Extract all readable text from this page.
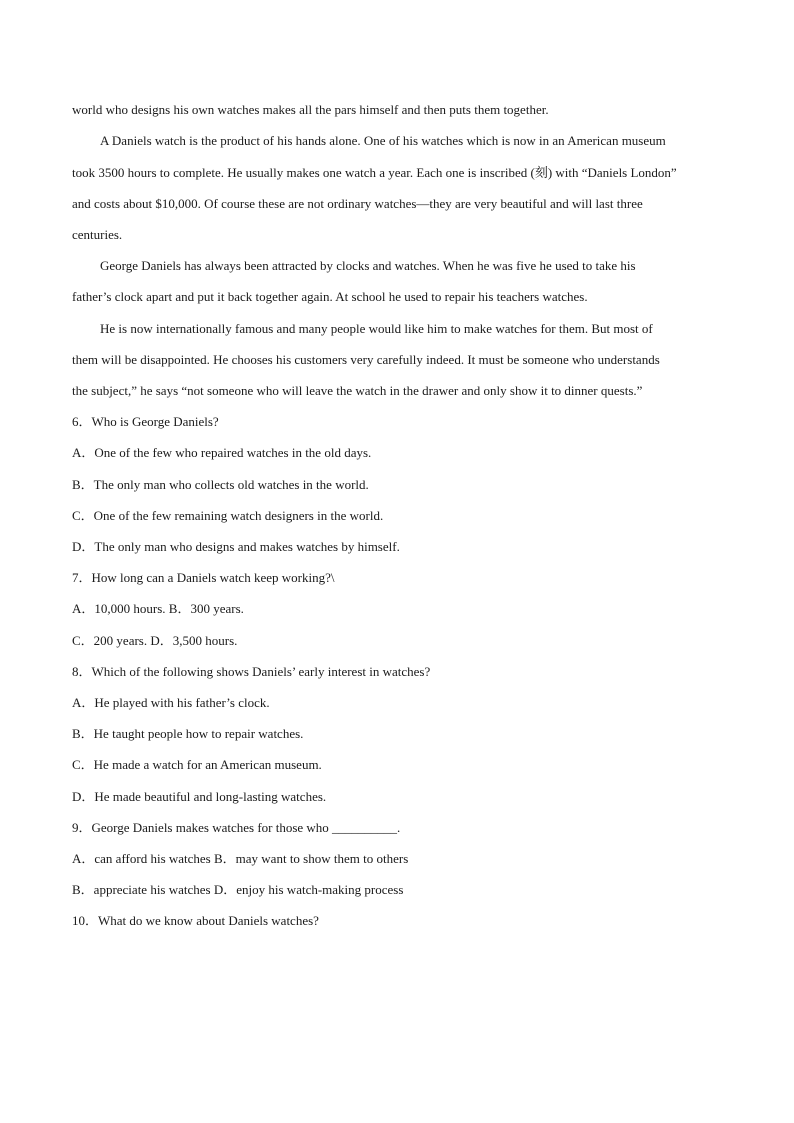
world who designs his own watches makes all the pars himself and then puts them together.
A Daniels watch is the product of his hands alone. One of his watches which is now in an American museum
took 3500 hours to complete. He usually makes one watch a year. Each one is inscribed (刻) with “Daniels London”
and costs about $10,000. Of course these are not ordinary watches—they are very beautiful and will last three
centuries.
George Daniels has always been attracted by clocks and watches. When he was five he used to take his
father’s clock apart and put it back together again. At school he used to repair his teachers watches.
He is now internationally famous and many people would like him to make watches for them. But most of
them will be disappointed. He chooses his customers very carefully indeed. It must be someone who understands
the subject,” he says “not someone who will leave the watch in the drawer and only show it to dinner quests.”
6．Who is George Daniels?
A．One of the few who repaired watches in the old days.
B．The only man who collects old watches in the world.
C．One of the few remaining watch designers in the world.
D．The only man who designs and makes watches by himself.
7．How long can a Daniels watch keep working?\
A．10,000 hours. B．300 years.
C．200 years. D．3,500 hours.
8．Which of the following shows Daniels’ early interest in watches?
A．He played with his father’s clock.
B．He taught people how to repair watches.
C．He made a watch for an American museum.
D．He made beautiful and long-lasting watches.
9．George Daniels makes watches for those who __________.
A．can afford his watches B．may want to show them to others
B．appreciate his watches D．enjoy his watch-making process
10．What do we know about Daniels watches?
